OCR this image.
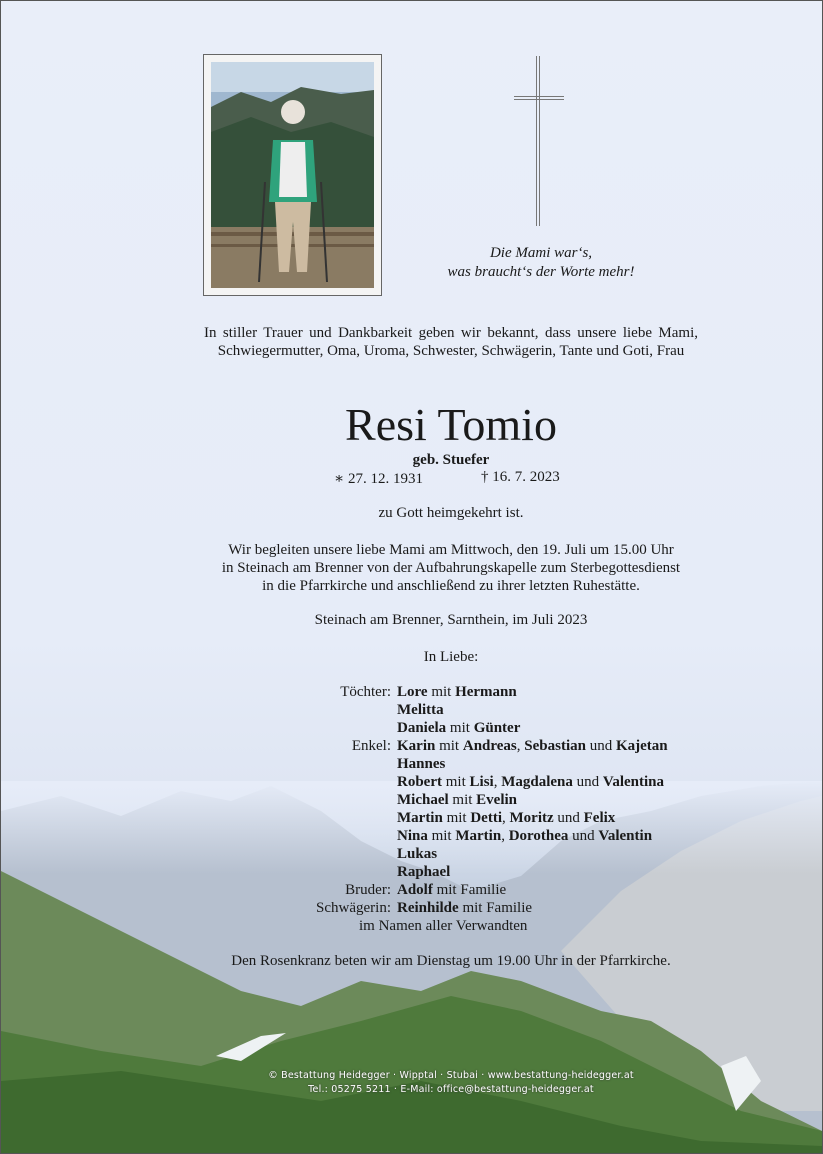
Die Mami war‘s,
was braucht‘s der Worte mehr!
In stiller Trauer und Dankbarkeit geben wir bekannt, dass unsere liebe Mami, Schwiegermutter, Oma, Uroma, Schwester, Schwägerin, Tante und Goti, Frau
Resi Tomio
geb. Stuefer
∗ 27. 12. 1931	† 16. 7. 2023
zu Gott heimgekehrt ist.
Wir begleiten unsere liebe Mami am Mittwoch, den 19. Juli um 15.00 Uhr
in Steinach am Brenner von der Aufbahrungskapelle zum Sterbegottesdienst
in die Pfarrkirche und anschließend zu ihrer letzten Ruhestätte.
Steinach am Brenner, Sarnthein, im Juli 2023
In Liebe:
Töchter: Lore mit Hermann
Melitta
Daniela mit Günter
Enkel: Karin mit Andreas, Sebastian und Kajetan
Hannes
Robert mit Lisi, Magdalena und Valentina
Michael mit Evelin
Martin mit Detti, Moritz und Felix
Nina mit Martin, Dorothea und Valentin
Lukas
Raphael
Bruder: Adolf mit Familie
Schwägerin: Reinhilde mit Familie
im Namen aller Verwandten
Den Rosenkranz beten wir am Dienstag um 19.00 Uhr in der Pfarrkirche.
© Bestattung Heidegger · Wipptal · Stubai · www.bestattung-heidegger.at
Tel.: 05275 5211 · E-Mail: office@bestattung-heidegger.at
